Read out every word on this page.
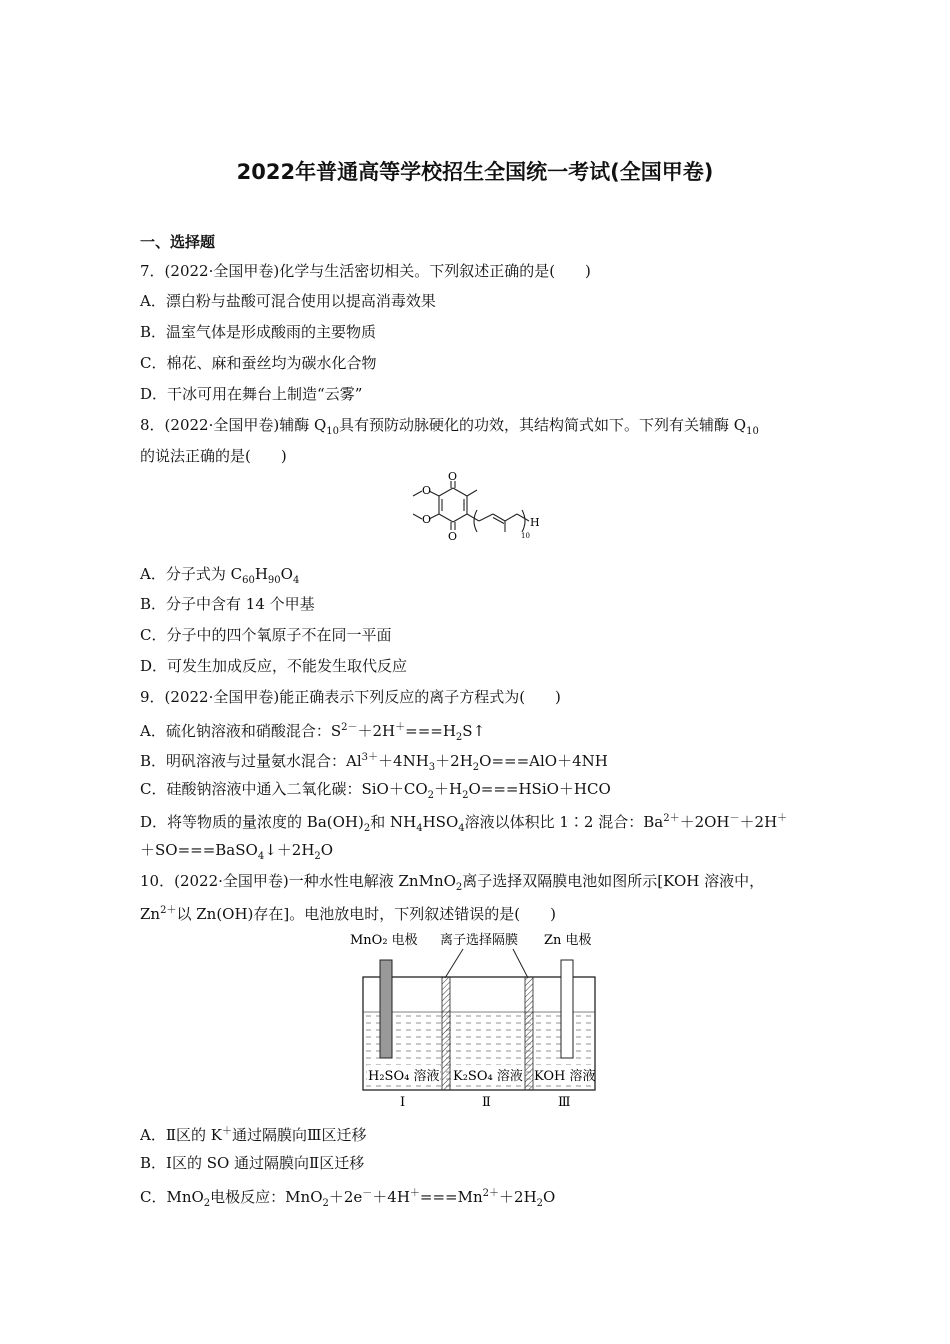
2022年普通高等学校招生全国统一考试(全国甲卷)
一、选择题
7．(2022·全国甲卷)化学与生活密切相关。下列叙述正确的是(　　)
A．漂白粉与盐酸可混合使用以提高消毒效果
B．温室气体是形成酸雨的主要物质
C．棉花、麻和蚕丝均为碳水化合物
D．干冰可用在舞台上制造“云雾”
8．(2022·全国甲卷)辅酶 $Q_{10}$具有预防动脉硬化的功效，其结构简式如下。下列有关辅酶 $Q_{10}$
的说法正确的是(　　)
O
O
O
O	H
10
A．分子式为 $C_{60}H_{90}O_4$
B．分子中含有 14 个甲基
C．分子中的四个氧原子不在同一平面
D．可发生加成反应，不能发生取代反应
9．(2022·全国甲卷)能正确表示下列反应的离子方程式为(　　)
A．硫化钠溶液和硝酸混合：$S^{2-}+2H^+===H_2S↑$
B．明矾溶液与过量氨水混合：$Al^{3+}+4NH_3+2H_2O===AlO+4NH$
C．硅酸钠溶液中通入二氧化碳：$SiO+CO_2+H_2O===HSiO+HCO$
D．将等物质的量浓度的 $Ba(OH)_2$和 $NH_4HSO_4$溶液以体积比 1∶2 混合：$Ba^{2+}+2OH^-+2H^+$
$+SO===BaSO_4↓+2H_2O$
10．(2022·全国甲卷)一种水性电解液 ZnMnO$_2$离子选择双隔膜电池如图所示[KOH 溶液中，
$Zn^{2+}$以 Zn(OH)存在]。电池放电时，下列叙述错误的是(　　)
MnO₂ 电极 离子选择隔膜 Zn 电极
H₂SO₄ 溶液 K₂SO₄ 溶液 KOH 溶液
Ⅰ	Ⅱ	Ⅲ
A．Ⅱ区的 K＋通过隔膜向Ⅲ区迁移
B．Ⅰ区的 SO 通过隔膜向Ⅱ区迁移
C．MnO$_2$电极反应：$MnO_2+2e^-+4H^+===Mn^{2+}+2H_2O$
